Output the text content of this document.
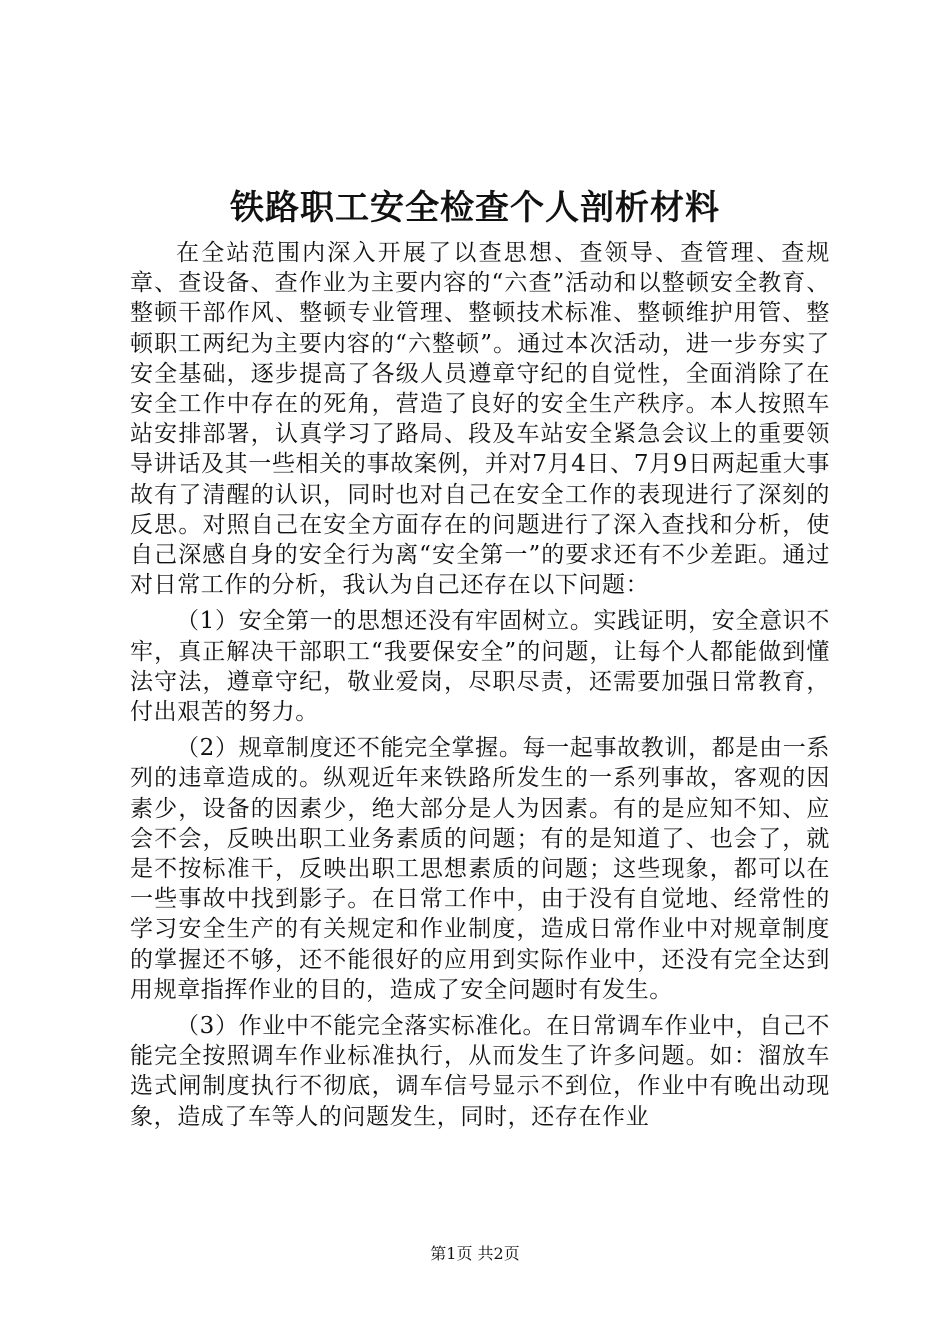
铁路职工安全检查个人剖析材料

在全站范围内深入开展了以查思想、查领导、查管理、查规章、查设备、查作业为主要内容的“六查”活动和以整顿安全教育、整顿干部作风、整顿专业管理、整顿技术标准、整顿维护用管、整顿职工两纪为主要内容的“六整顿”。通过本次活动，进一步夯实了安全基础，逐步提高了各级人员遵章守纪的自觉性，全面消除了在安全工作中存在的死角，营造了良好的安全生产秩序。本人按照车站安排部署，认真学习了路局、段及车站安全紧急会议上的重要领导讲话及其一些相关的事故案例，并对7月4日、7月9日两起重大事故有了清醒的认识，同时也对自己在安全工作的表现进行了深刻的反思。对照自己在安全方面存在的问题进行了深入查找和分析，使自己深感自身的安全行为离“安全第一”的要求还有不少差距。通过对日常工作的分析，我认为自己还存在以下问题：

（1）安全第一的思想还没有牢固树立。实践证明，安全意识不牢，真正解决干部职工“我要保安全”的问题，让每个人都能做到懂法守法，遵章守纪，敬业爱岗，尽职尽责，还需要加强日常教育，付出艰苦的努力。

（2）规章制度还不能完全掌握。每一起事故教训，都是由一系列的违章造成的。纵观近年来铁路所发生的一系列事故，客观的因素少，设备的因素少，绝大部分是人为因素。有的是应知不知、应会不会，反映出职工业务素质的问题；有的是知道了、也会了，就是不按标准干，反映出职工思想素质的问题；这些现象，都可以在一些事故中找到影子。在日常工作中，由于没有自觉地、经常性的学习安全生产的有关规定和作业制度，造成日常作业中对规章制度的掌握还不够，还不能很好的应用到实际作业中，还没有完全达到用规章指挥作业的目的，造成了安全问题时有发生。

（3）作业中不能完全落实标准化。在日常调车作业中，自己不能完全按照调车作业标准执行，从而发生了许多问题。如：溜放车选式闸制度执行不彻底，调车信号显示不到位，作业中有晚出动现象，造成了车等人的问题发生，同时，还存在作业

第1页 共2页
